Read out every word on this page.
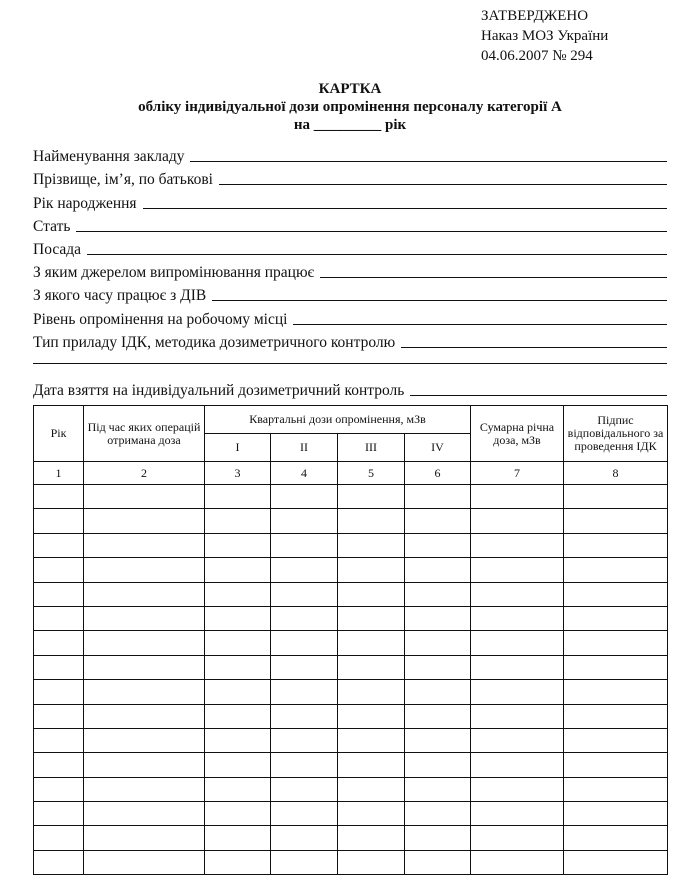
ЗАТВЕРДЖЕНО
Наказ МОЗ України
04.06.2007 № 294
КАРТКА
обліку індивідуальної дози опромінення персоналу категорії А
на _________ рік
Найменування закладу
Прізвище, ім’я, по батькові
Рік народження
Стать
Посада
З яким джерелом випромінювання працює
З якого часу працює з ДІВ
Рівень опромінення на робочому місці
Тип приладу ІДК, методика дозиметричного контролю
Дата взяття на індивідуальний дозиметричний контроль
Рік	Під час яких операцій отримана доза	Квартальні дози опромінення, мЗв				Сумарна річна доза, мЗв	Підпис відповідального за проведення ІДК
		I	II	III	IV		
1	2	3	4	5	6	7	8
